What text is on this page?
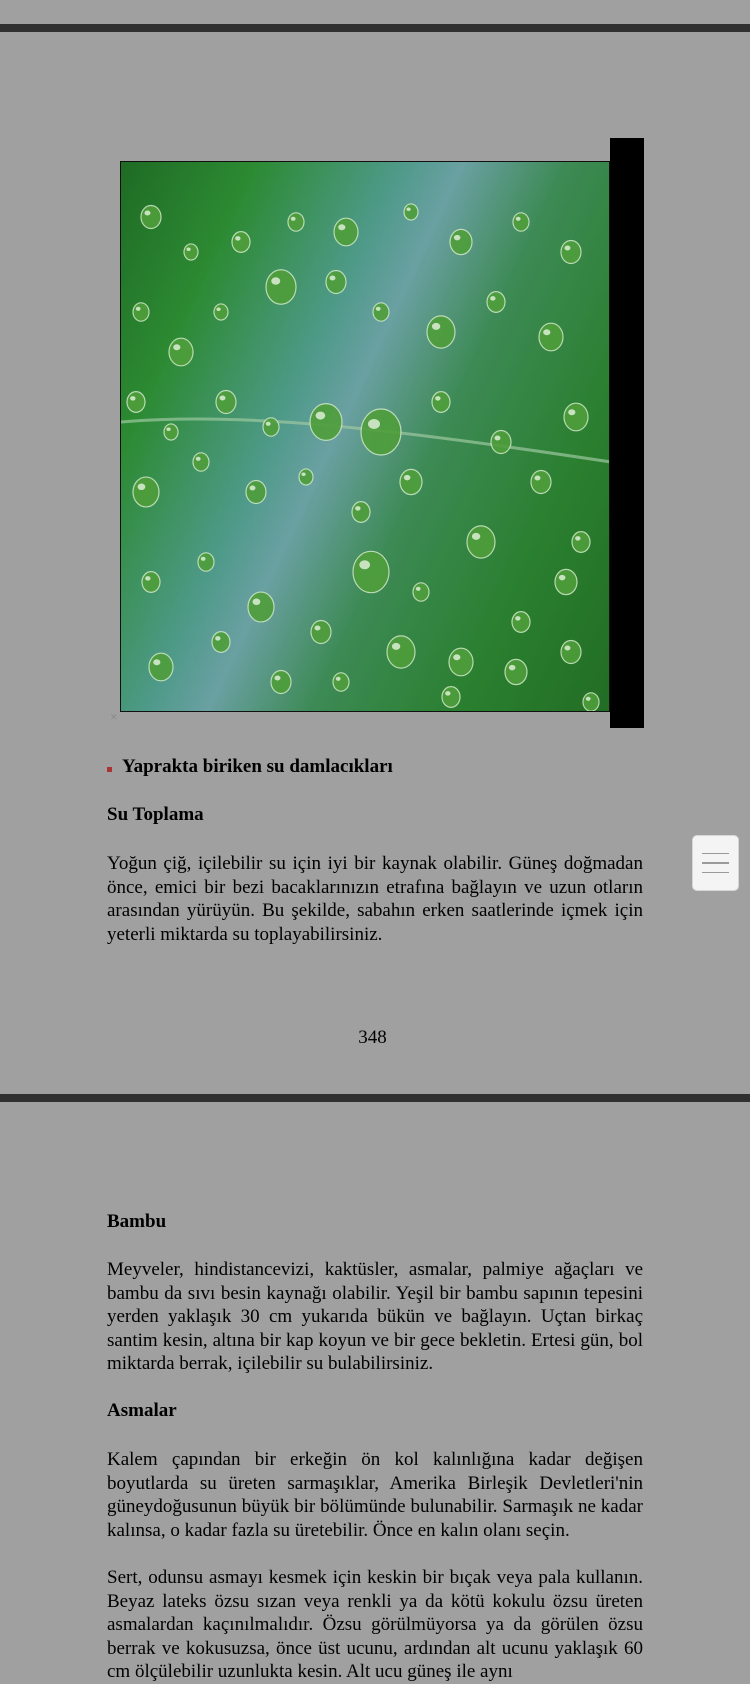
✕
Yaprakta biriken su damlacıkları
Su Toplama

Yoğun çiğ, içilebilir su için iyi bir kaynak olabilir. Güneş doğmadan önce, emici bir bezi bacaklarınızın etrafına bağlayın ve uzun otların arasından yürüyün. Bu şekilde, sabahın erken saatlerinde içmek için yeterli miktarda su toplayabilirsiniz.

348
Bambu

Meyveler, hindistancevizi, kaktüsler, asmalar, palmiye ağaçları ve bambu da sıvı besin kaynağı olabilir. Yeşil bir bambu sapının tepesini yerden yaklaşık 30 cm yukarıda bükün ve bağlayın. Uçtan birkaç santim kesin, altına bir kap koyun ve bir gece bekletin. Ertesi gün, bol miktarda berrak, içilebilir su bulabilirsiniz.

Asmalar

Kalem çapından bir erkeğin ön kol kalınlığına kadar değişen boyutlarda su üreten sarmaşıklar, Amerika Birleşik Devletleri'nin güneydoğusunun büyük bir bölümünde bulunabilir. Sarmaşık ne kadar kalınsa, o kadar fazla su üretebilir. Önce en kalın olanı seçin.

Sert, odunsu asmayı kesmek için keskin bir bıçak veya pala kullanın. Beyaz lateks özsu sızan veya renkli ya da kötü kokulu özsu üreten asmalardan kaçınılmalıdır. Özsu görülmüyorsa ya da görülen özsu berrak ve kokusuzsa, önce üst ucunu, ardından alt ucunu yaklaşık 60 cm ölçülebilir uzunlukta kesin. Alt ucu güneş ile aynı
